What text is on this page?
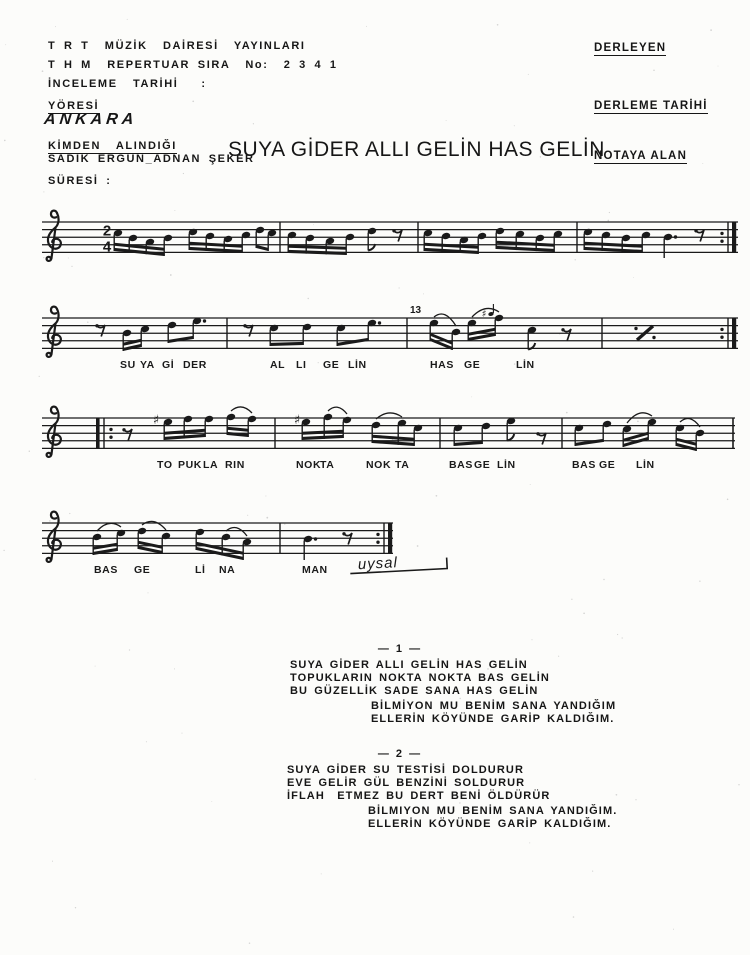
2
4
♯
♯	♯
13
SU YA Gİ DER	AL LI GE LİN	HAS GE	LİN
TO PUK LA RIN	NOK
TA	NOK TA	BAS GE LİN	BAS GE LİN
BAS GE	Lİ NA	MAN uysal
T R T  MÜZİK  DAİRESİ  YAYINLARI
T H M  REPERTUAR SIRA  No:  2 3 4 1
İNCELEME  TARİHİ   :
YÖRESİ
ANKARA
KİMDEN  ALINDIĞI
SADIK ERGUN_ADNAN ŞEKER
SÜRESİ :
SUYA GİDER ALLI GELİN HAS GELİN
DERLEYEN
DERLEME TARİHİ
NOTAYA ALAN
— 1 —
SUYA GİDER ALLI GELİN HAS GELİN
TOPUKLARIN NOKTA NOKTA BAS GELİN
BU GÜZELLİK SADE SANA HAS GELİN
BİLMİYON MU BENİM SANA YANDIĞIM
ELLERİN KÖYÜNDE GARİP KALDIĞIM.
— 2 —
SUYA GİDER SU TESTİSİ DOLDURUR
EVE GELİR GÜL BENZİNİ SOLDURUR
İFLAH  ETMEZ BU DERT BENİ ÖLDÜRÜR
BİLMIYON MU BENİM SANA YANDIĞIM.
ELLERİN KÖYÜNDE GARİP KALDIĞIM.
